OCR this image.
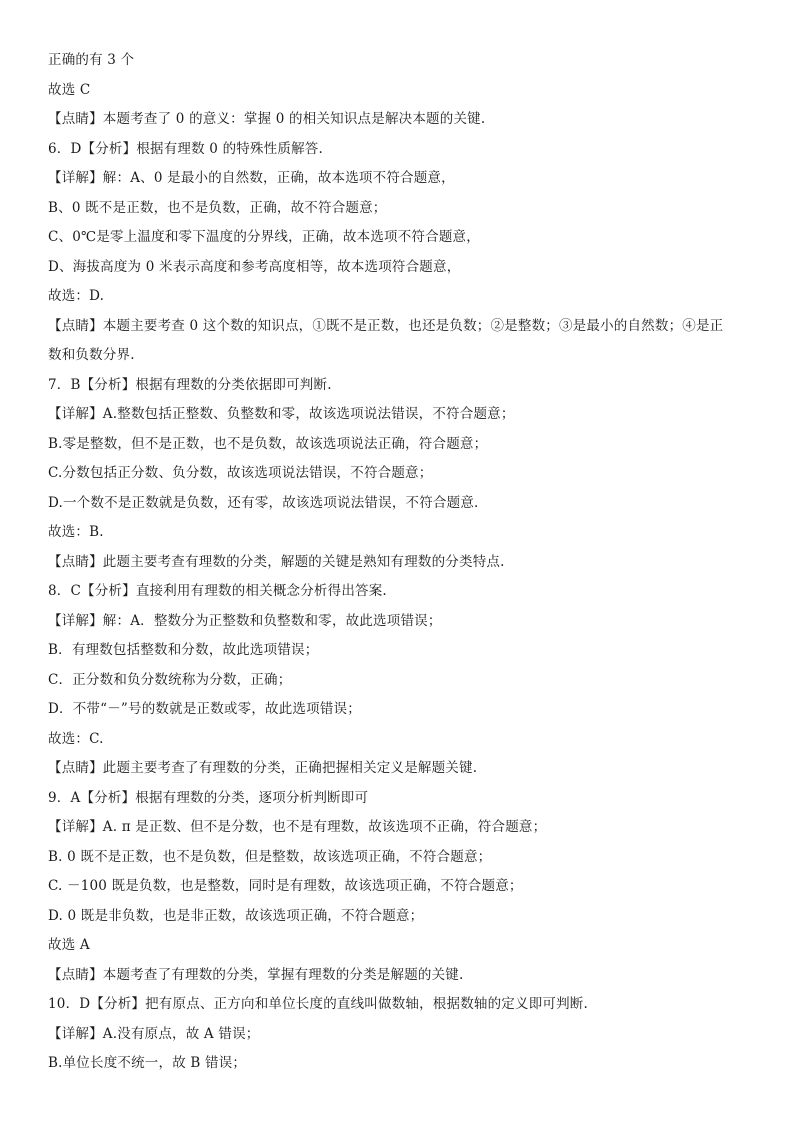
正确的有 3 个
故选 C
【点睛】本题考查了 0 的意义：掌握 0 的相关知识点是解决本题的关键.
6．D【分析】根据有理数 0 的特殊性质解答.
【详解】解：A、0 是最小的自然数，正确，故本选项不符合题意，
B、0 既不是正数，也不是负数，正确，故不符合题意；
C、0℃是零上温度和零下温度的分界线，正确，故本选项不符合题意，
D、海拔高度为 0 米表示高度和参考高度相等，故本选项符合题意，
故选：D.
【点睛】本题主要考查 0 这个数的知识点，①既不是正数，也还是负数；②是整数；③是最小的自然数；④是正
数和负数分界.
7．B【分析】根据有理数的分类依据即可判断.
【详解】A.整数包括正整数、负整数和零，故该选项说法错误，不符合题意；
B.零是整数，但不是正数，也不是负数，故该选项说法正确，符合题意；
C.分数包括正分数、负分数，故该选项说法错误，不符合题意；
D.一个数不是正数就是负数，还有零，故该选项说法错误，不符合题意.
故选：B.
【点睛】此题主要考查有理数的分类，解题的关键是熟知有理数的分类特点.
8．C【分析】直接利用有理数的相关概念分析得出答案.
【详解】解：A．整数分为正整数和负整数和零，故此选项错误；
B．有理数包括整数和分数，故此选项错误；
C．正分数和负分数统称为分数，正确；
D．不带“－”号的数就是正数或零，故此选项错误；
故选：C.
【点睛】此题主要考查了有理数的分类，正确把握相关定义是解题关键.
9．A【分析】根据有理数的分类，逐项分析判断即可
【详解】A. π 是正数、但不是分数，也不是有理数，故该选项不正确，符合题意；
B. 0 既不是正数，也不是负数，但是整数，故该选项正确，不符合题意；
C. －100 既是负数，也是整数，同时是有理数，故该选项正确，不符合题意；
D. 0 既是非负数，也是非正数，故该选项正确，不符合题意；
故选 A
【点睛】本题考查了有理数的分类，掌握有理数的分类是解题的关键.
10．D【分析】把有原点、正方向和单位长度的直线叫做数轴，根据数轴的定义即可判断.
【详解】A.没有原点，故 A 错误；
B.单位长度不统一，故 B 错误；
